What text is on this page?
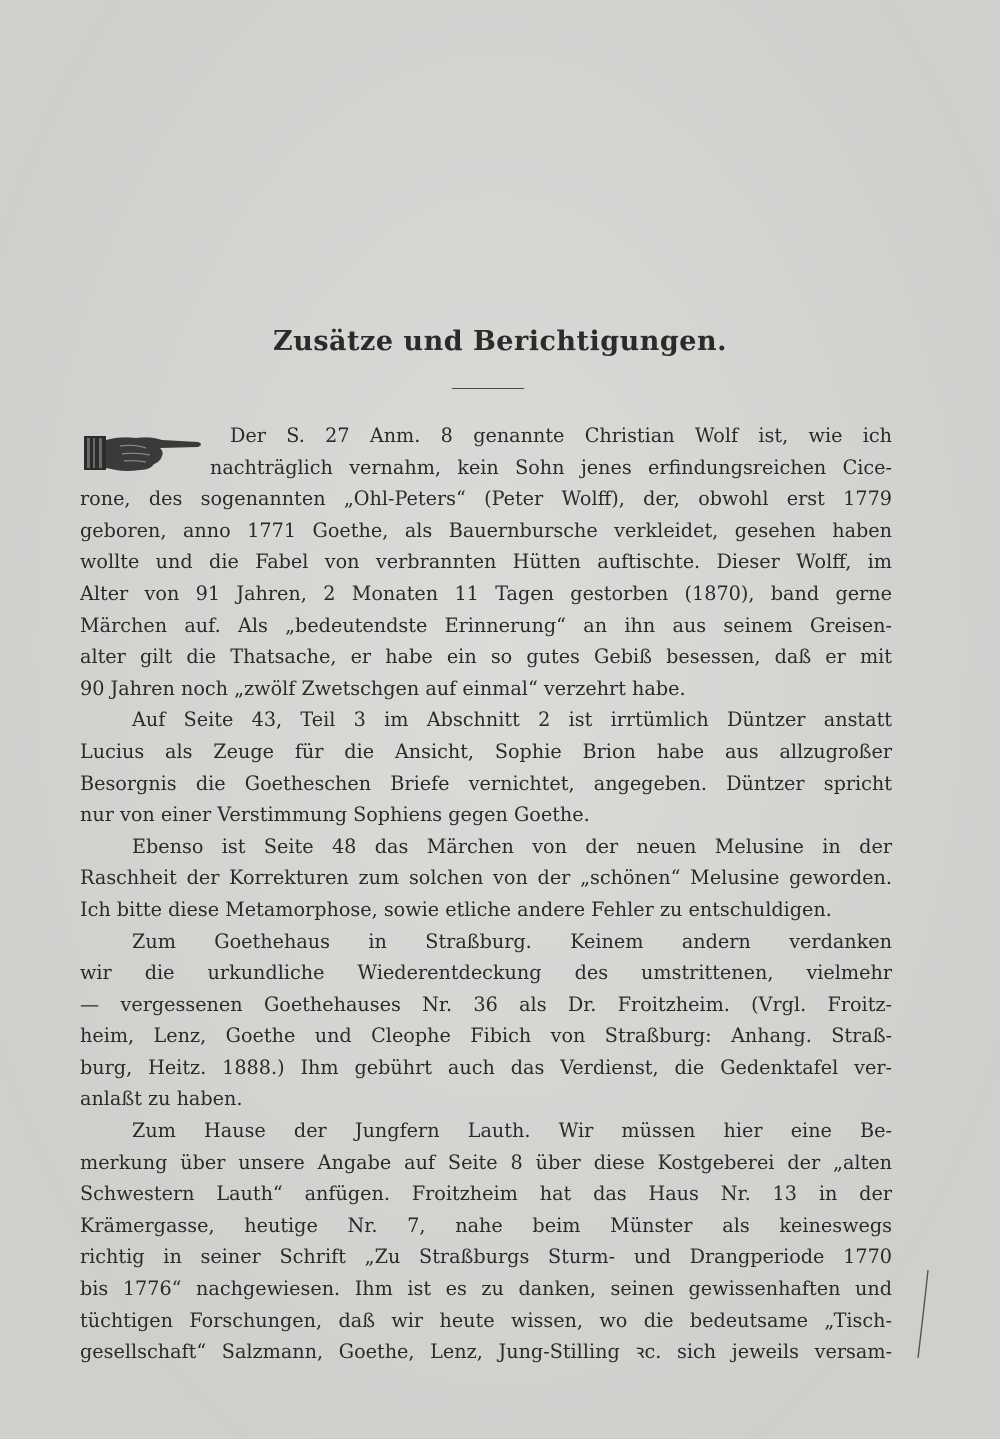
Zusätze und Berichtigungen.
Der S. 27 Anm. 8 genannte Christian Wolf ist, wie ich
nachträglich vernahm, kein Sohn jenes erfindungsreichen Cice-
rone, des sogenannten „Ohl-Peters“ (Peter Wolff), der, obwohl erst 1779
geboren, anno 1771 Goethe, als Bauernbursche verkleidet, gesehen haben
wollte und die Fabel von verbrannten Hütten auftischte. Dieser Wolff, im
Alter von 91 Jahren, 2 Monaten 11 Tagen gestorben (1870), band gerne
Märchen auf. Als „bedeutendste Erinnerung“ an ihn aus seinem Greisen-
alter gilt die Thatsache, er habe ein so gutes Gebiß besessen, daß er mit
90 Jahren noch „zwölf Zwetschgen auf einmal“ verzehrt habe.
Auf Seite 43, Teil 3 im Abschnitt 2 ist irrtümlich Düntzer anstatt
Lucius als Zeuge für die Ansicht, Sophie Brion habe aus allzugroßer
Besorgnis die Goetheschen Briefe vernichtet, angegeben. Düntzer spricht
nur von einer Verstimmung Sophiens gegen Goethe.
Ebenso ist Seite 48 das Märchen von der neuen Melusine in der
Raschheit der Korrekturen zum solchen von der „schönen“ Melusine geworden.
Ich bitte diese Metamorphose, sowie etliche andere Fehler zu entschuldigen.
Zum Goethehaus in Straßburg. Keinem andern verdanken
wir die urkundliche Wiederentdeckung des umstrittenen, vielmehr
— vergessenen Goethehauses Nr. 36 als Dr. Froitzheim. (Vrgl. Froitz-
heim, Lenz, Goethe und Cleophe Fibich von Straßburg: Anhang. Straß-
burg, Heitz. 1888.) Ihm gebührt auch das Verdienst, die Gedenktafel ver-
anlaßt zu haben.
Zum Hause der Jungfern Lauth. Wir müssen hier eine Be-
merkung über unsere Angabe auf Seite 8 über diese Kostgeberei der „alten
Schwestern Lauth“ anfügen. Froitzheim hat das Haus Nr. 13 in der
Krämergasse, heutige Nr. 7, nahe beim Münster als keineswegs
richtig in seiner Schrift „Zu Straßburgs Sturm- und Drangperiode 1770
bis 1776“ nachgewiesen. Ihm ist es zu danken, seinen gewissenhaften und
tüchtigen Forschungen, daß wir heute wissen, wo die bedeutsame „Tisch-
gesellschaft“ Salzmann, Goethe, Lenz, Jung-Stilling ꝛc. sich jeweils versam-
